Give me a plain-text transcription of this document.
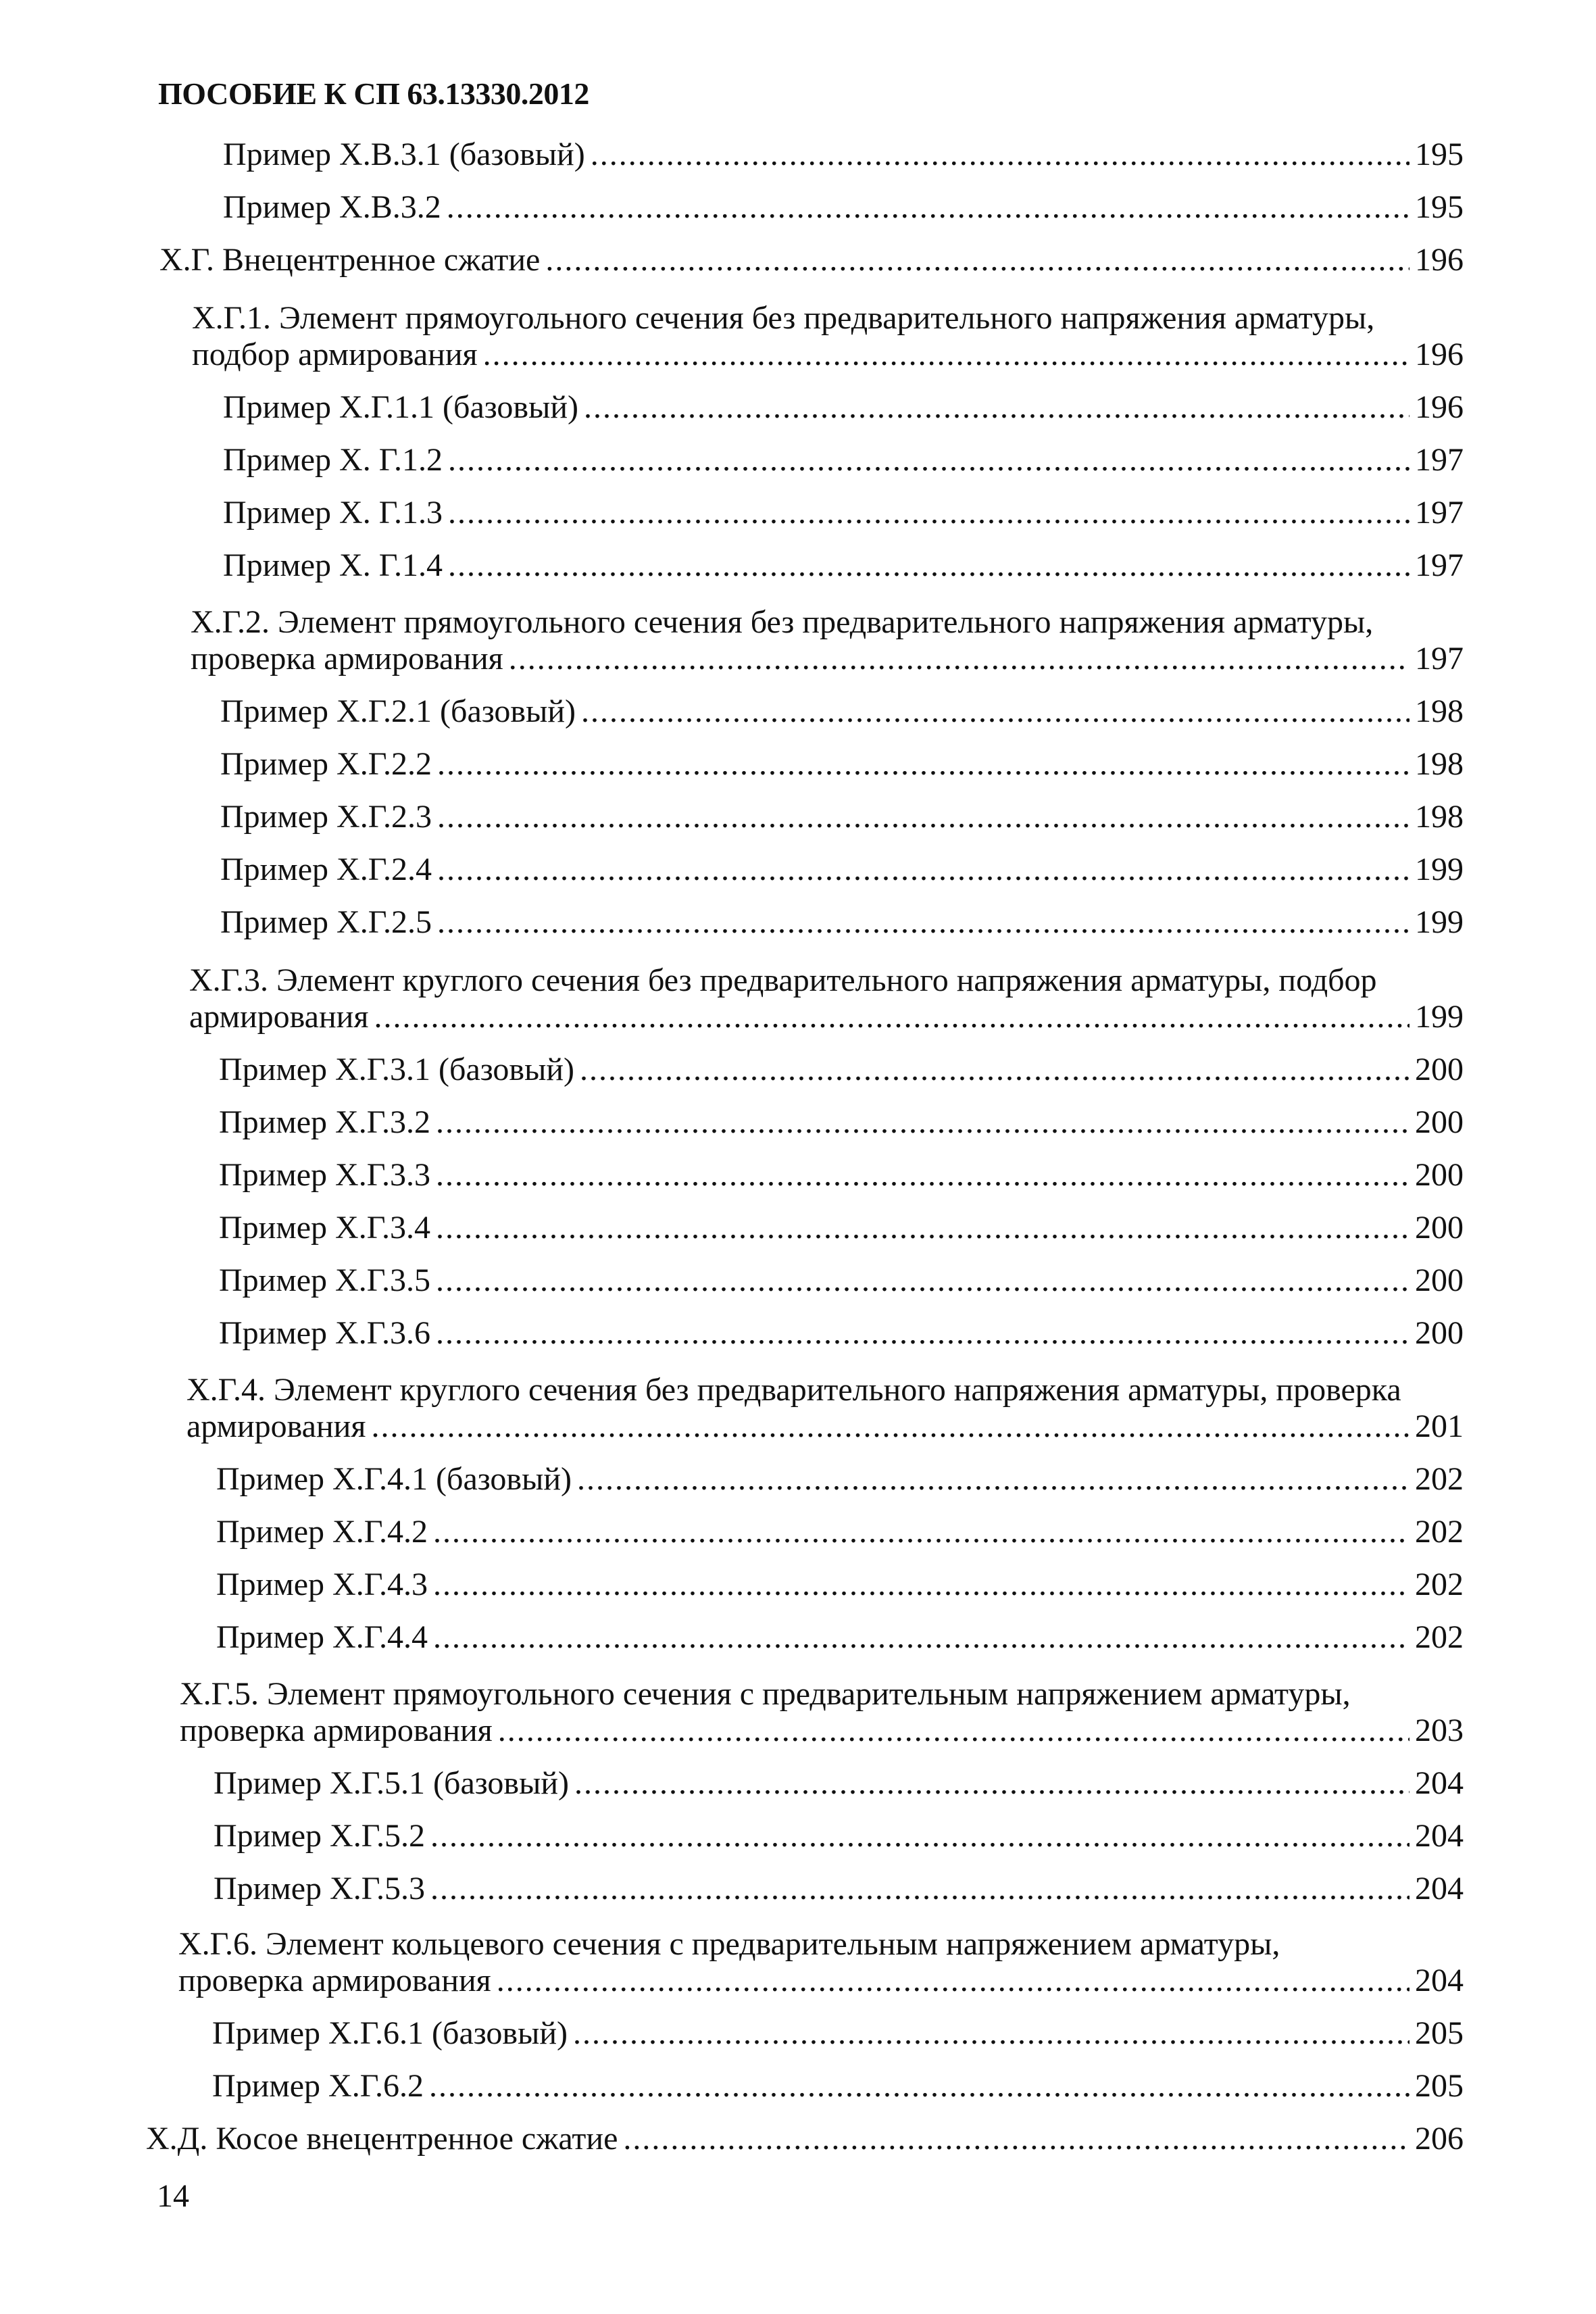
ПОСОБИЕ К СП 63.13330.2012
Пример Х.В.3.1 (базовый) .....	195
Пример Х.В.3.2 .....	195
Х.Г. Внецентренное сжатие .....	196
Х.Г.1. Элемент прямоугольного сечения без предварительного напряжения арматуры,
подбор армирования .....	196
Пример Х.Г.1.1 (базовый) .....	196
Пример Х. Г.1.2 .....	197
Пример Х. Г.1.3 .....	197
Пример Х. Г.1.4 .....	197
Х.Г.2. Элемент прямоугольного сечения без предварительного напряжения арматуры,
проверка армирования .....	197
Пример Х.Г.2.1 (базовый) .....	198
Пример Х.Г.2.2 .....	198
Пример Х.Г.2.3 .....	198
Пример Х.Г.2.4 .....	199
Пример Х.Г.2.5 .....	199
Х.Г.3. Элемент круглого сечения без предварительного напряжения арматуры, подбор
армирования .....	199
Пример Х.Г.3.1 (базовый) .....	200
Пример Х.Г.3.2 .....	200
Пример Х.Г.3.3 .....	200
Пример Х.Г.3.4 .....	200
Пример Х.Г.3.5 .....	200
Пример Х.Г.3.6 .....	200
Х.Г.4. Элемент круглого сечения без предварительного напряжения арматуры, проверка
армирования .....	201
Пример Х.Г.4.1 (базовый) .....	202
Пример Х.Г.4.2 .....	202
Пример Х.Г.4.3 .....	202
Пример Х.Г.4.4 .....	202
Х.Г.5. Элемент прямоугольного сечения с предварительным напряжением арматуры,
проверка армирования .....	203
Пример Х.Г.5.1 (базовый) .....	204
Пример Х.Г.5.2 .....	204
Пример Х.Г.5.3 .....	204
Х.Г.6. Элемент кольцевого сечения с предварительным напряжением арматуры,
проверка армирования .....	204
Пример Х.Г.6.1 (базовый) .....	205
Пример Х.Г.6.2 .....	205
Х.Д. Косое внецентренное сжатие .....	206
14
